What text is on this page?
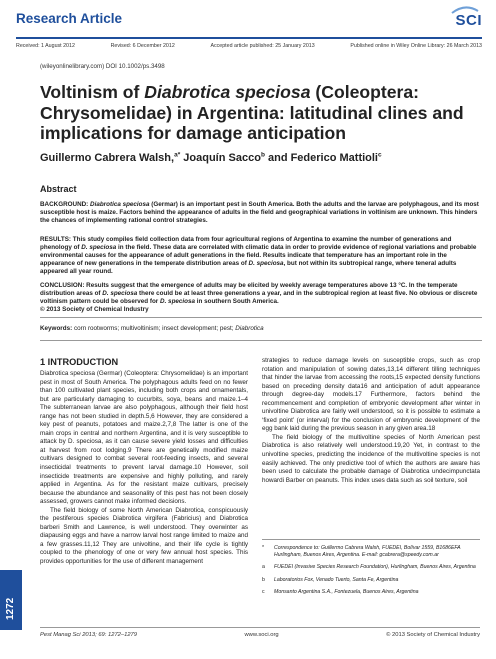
Research Article	SCI
Received: 1 August 2012	Revised: 6 December 2012	Accepted article published: 25 January 2013	Published online in Wiley Online Library: 26 March 2013
(wileyonlinelibrary.com) DOI 10.1002/ps.3498
Voltinism of Diabrotica speciosa (Coleoptera: Chrysomelidae) in Argentina: latitudinal clines and implications for damage anticipation
Guillermo Cabrera Walsh,$^{a*}$ Joaquín Sacco$^b$ and Federico Mattioli$^c$
Abstract
BACKGROUND: Diabrotica speciosa (Germar) is an important pest in South America. Both the adults and the larvae are polyphagous, and its most susceptible host is maize. Factors behind the appearance of adults in the field and geographical variations in voltinism are unknown. This hinders the chances of implementing rational control strategies.
RESULTS: This study compiles field collection data from four agricultural regions of Argentina to examine the number of generations and phenology of D. speciosa in the field. These data are correlated with climatic data in order to provide evidence of regional variations and probable environmental causes for the appearance of adult generations in the field. Results indicate that temperature has an important role in the appearance of new generations in the temperate distribution areas of D. speciosa, but not within its subtropical range, where teneral adults appeared all year round.
CONCLUSION: Results suggest that the emergence of adults may be elicited by weekly average temperatures above 13 °C. In the temperate distribution areas of D. speciosa there could be at least three generations a year, and in the subtropical region at least five. No obvious or discrete voltinism pattern could be observed for D. speciosa in southern South America.
© 2013 Society of Chemical Industry
Keywords: corn rootworms; multivoltinism; insect development; pest; Diabrotica
1 INTRODUCTION

Diabrotica speciosa (Germar) (Coleoptera: Chrysomelidae) is an important pest in most of South America. The polyphagous adults feed on no fewer than 100 cultivated plant species, including both crops and ornamentals, but are particularly damaging to cucurbits, soya, beans and maize.1–4 The subterranean larvae are also polyphagous, although their field host range has not been studied in depth.5,6 However, they are considered a key pest of peanuts, potatoes and maize.2,7,8 The latter is one of the main crops in central and northern Argentina, and it is very susceptible to attack by D. speciosa, as it can cause severe yield losses and difficulties at harvest from root lodging.9 There are genetically modified maize cultivars designed to combat several root-feeding insects, and several insecticidal treatments to prevent larval damage.10 However, soil insecticide treatments are expensive and highly polluting, and rarely applied in Argentina. As for the resistant maize cultivars, precisely because the abundance and seasonality of this pest has not been closely assessed, growers cannot make informed decisions.

The field biology of some North American Diabrotica, conspicuously the pestiferous species Diabrotica virgifera (Fabricius) and Diabrotica barberi Smith and Lawrence, is well understood. They overwinter as diapausing eggs and have a narrow larval host range limited to maize and a few grasses.11,12 They are univoltine, and their life cycle is tightly coupled to the phenology of one or very few annual host species. This provides opportunities for the use of different management

strategies to reduce damage levels on susceptible crops, such as crop rotation and manipulation of sowing dates,13,14 different tilling techniques that hinder the larvae from accessing the roots,15 expected density functions based on preceding density data16 and anticipation of adult appearance through degree-day models.17 Furthermore, factors behind the recommencement and completion of embryonic development after winter in univoltine Diabrotica are fairly well understood, so it is possible to estimate a ‘fixed point’ (or interval) for the conclusion of embryonic development of the egg bank laid during the previous season in any given area.18

The field biology of the multivoltine species of North American pest Diabrotica is also relatively well understood.19,20 Yet, in contrast to the univoltine species, predicting the incidence of the multivoltine species is not easily achieved. The only predictive tool of which the authors are aware has been used to calculate the probable damage of Diabrotica undecimpunctata howardi Barber on peanuts. This index uses data such as soil texture, soil

*	Correspondence to: Guillermo Cabrera Walsh, FUEDEI, Bolívar 1559, B1686EFA Hurlingham, Buenos Aires, Argentina. E-mail: gcabrera@speedy.com.ar
a	FUEDEI (Invasive Species Research Foundation), Hurlingham, Buenos Aires, Argentina
b	Laboratorios Fox, Venado Tuerto, Santa Fe, Argentina
c	Monsanto Argentina S.A., Fontezuela, Buenos Aires, Argentina
1272
Pest Manag Sci 2013; 69: 1272–1279	www.soci.org	© 2013 Society of Chemical Industry
